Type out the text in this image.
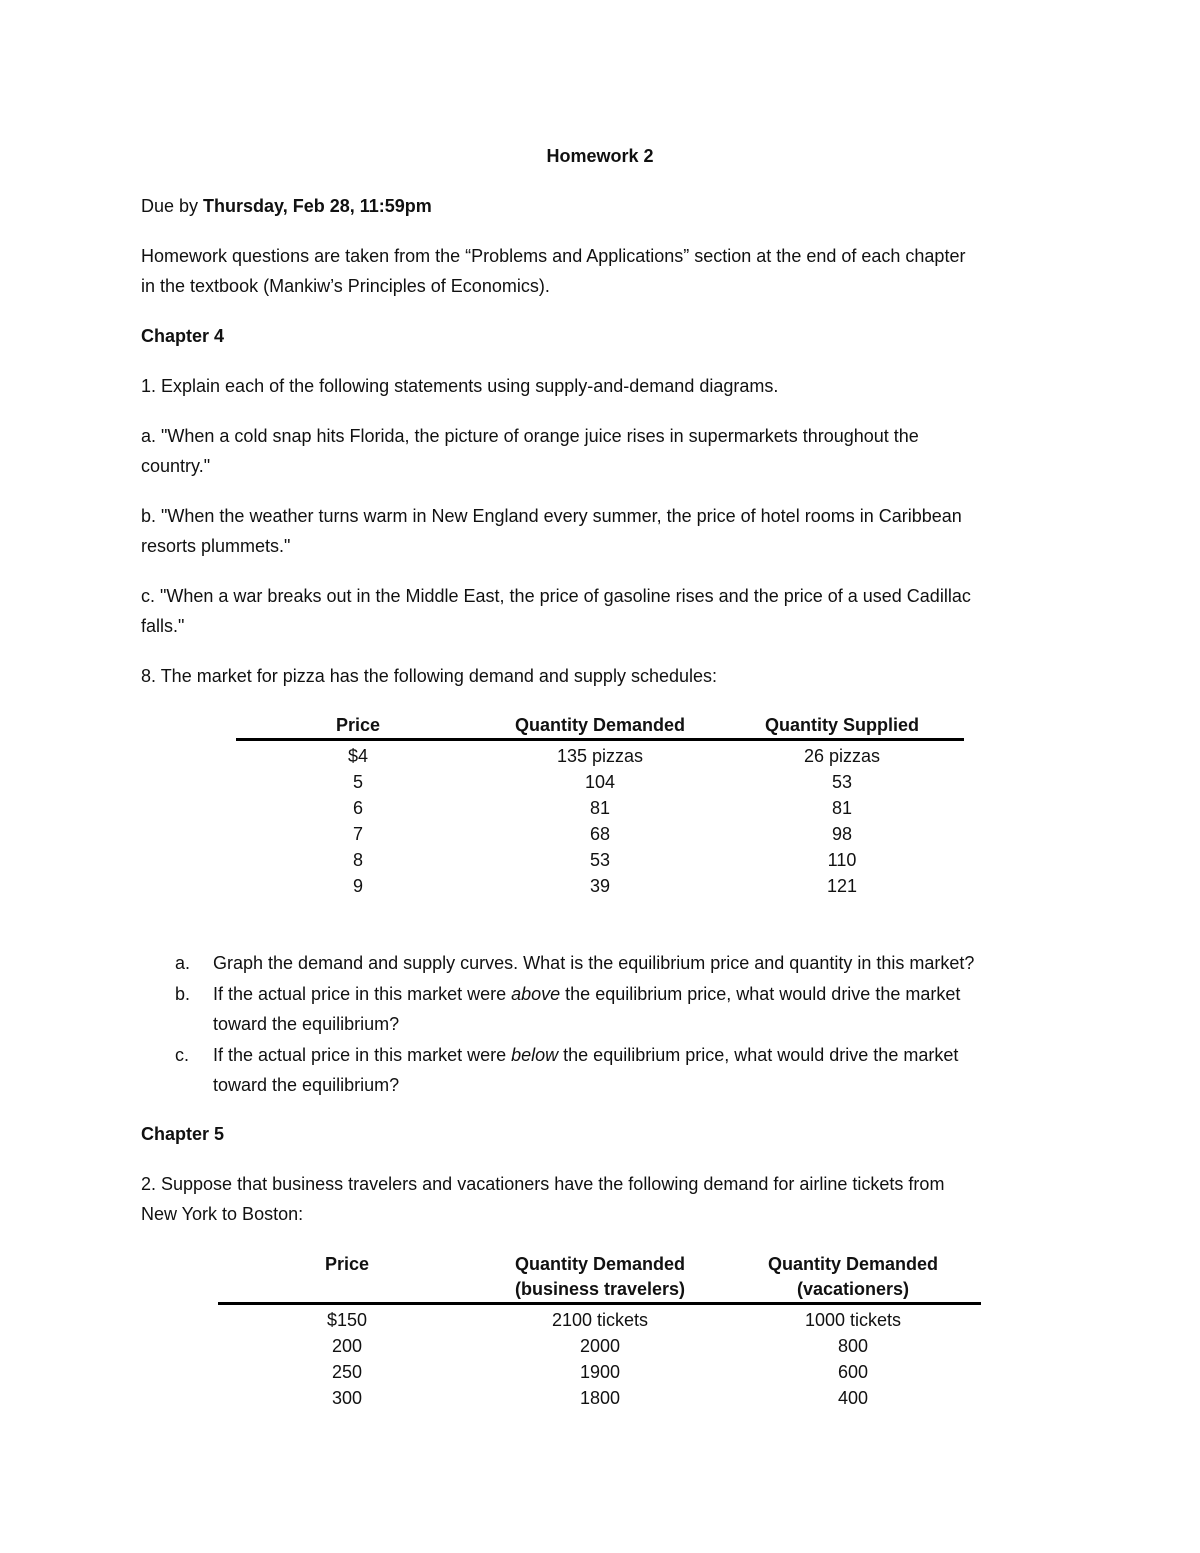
Homework 2
Due by Thursday, Feb 28, 11:59pm
Homework questions are taken from the “Problems and Applications” section at the end of each chapter
in the textbook (Mankiw’s Principles of Economics).
Chapter 4
1. Explain each of the following statements using supply-and-demand diagrams.
a. "When a cold snap hits Florida, the picture of orange juice rises in supermarkets throughout the
country."
b. "When the weather turns warm in New England every summer, the price of hotel rooms in Caribbean
resorts plummets."
c. "When a war breaks out in the Middle East, the price of gasoline rises and the price of a used Cadillac
falls."
8. The market for pizza has the following demand and supply schedules:
Price	Quantity Demanded	Quantity Supplied
$4	135 pizzas	26 pizzas
5	104	53
6	81	81
7	68	98
8	53	110
9	39	121
a. Graph the demand and supply curves. What is the equilibrium price and quantity in this market?
b. If the actual price in this market were above the equilibrium price, what would drive the market
toward the equilibrium?
c. If the actual price in this market were below the equilibrium price, what would drive the market
toward the equilibrium?
Chapter 5
2. Suppose that business travelers and vacationers have the following demand for airline tickets from
New York to Boston:
Price	Quantity Demanded
(business travelers)
Quantity Demanded
(vacationers)
$150	2100 tickets	1000 tickets
200	2000	800
250	1900	600
300	1800	400
